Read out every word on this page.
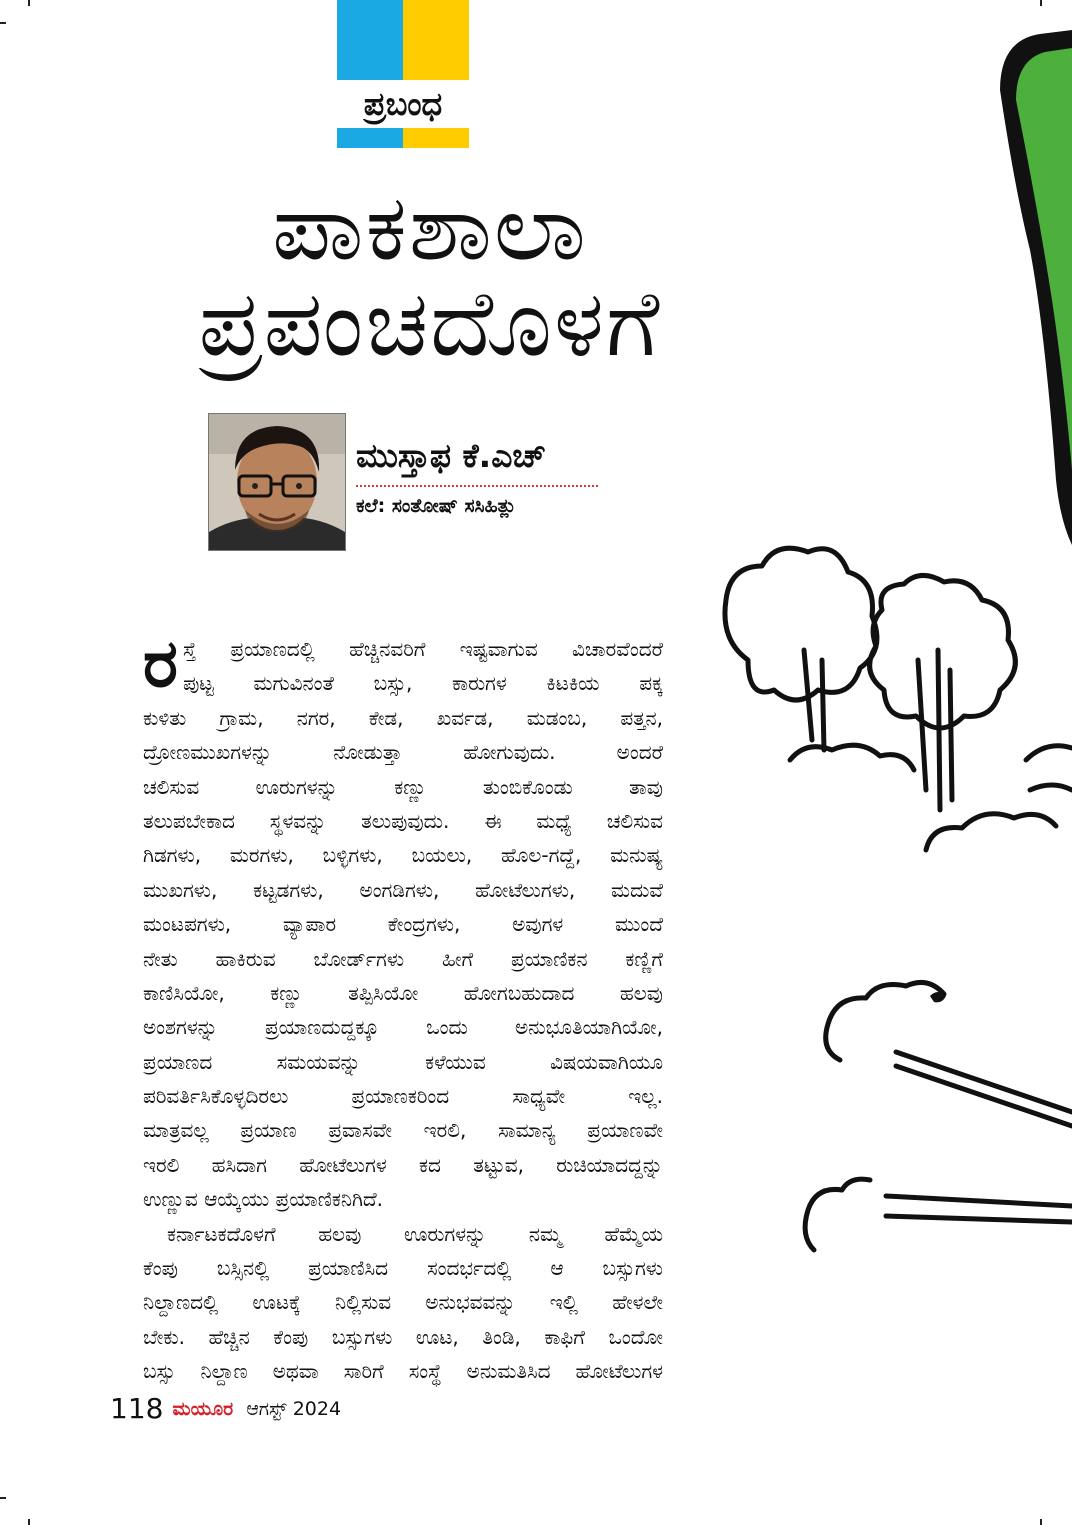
ಪ್ರಬಂಧ
ಪಾಕಶಾಲಾ
ಪ್ರಪಂಚದೊಳಗೆ
ಮುಸ್ತಾಫ ಕೆ.ಎಚ್
ಕಲೆ: ಸಂತೋಷ್ ಸಸಿಹಿತ್ಲು
ರ ಸ್ತೆ ಪ್ರಯಾಣದಲ್ಲಿ ಹೆಚ್ಚಿನವರಿಗೆ ಇಷ್ಟವಾಗುವ ವಿಚಾರವೆಂದರೆ
ಪುಟ್ಟ ಮಗುವಿನಂತೆ ಬಸ್ಸು, ಕಾರುಗಳ ಕಿಟಕಿಯ ಪಕ್ಕ
ಕುಳಿತು ಗ್ರಾಮ, ನಗರ, ಕೇಡ, ಖರ್ವಡ, ಮಡಂಬ, ಪತ್ತನ,
ದ್ರೋಣಮುಖಗಳನ್ನು ನೋಡುತ್ತಾ ಹೋಗುವುದು. ಅಂದರೆ
ಚಲಿಸುವ ಊರುಗಳನ್ನು ಕಣ್ಣು ತುಂಬಿಕೊಂಡು ತಾವು
ತಲುಪಬೇಕಾದ ಸ್ಥಳವನ್ನು ತಲುಪುವುದು. ಈ ಮಧ್ಯೆ ಚಲಿಸುವ
ಗಿಡಗಳು, ಮರಗಳು, ಬಳ್ಳಿಗಳು, ಬಯಲು, ಹೊಲ-ಗದ್ದೆ, ಮನುಷ್ಯ
ಮುಖಗಳು, ಕಟ್ಟಡಗಳು, ಅಂಗಡಿಗಳು, ಹೋಟೆಲುಗಳು, ಮದುವೆ
ಮಂಟಪಗಳು, ವ್ಯಾಪಾರ ಕೇಂದ್ರಗಳು, ಅವುಗಳ ಮುಂದೆ
ನೇತು ಹಾಕಿರುವ ಬೋರ್ಡ್‌ಗಳು ಹೀಗೆ ಪ್ರಯಾಣಿಕನ ಕಣ್ಣಿಗೆ
ಕಾಣಿಸಿಯೋ, ಕಣ್ಣು ತಪ್ಪಿಸಿಯೋ ಹೋಗಬಹುದಾದ ಹಲವು
ಅಂಶಗಳನ್ನು ಪ್ರಯಾಣದುದ್ದಕ್ಕೂ ಒಂದು ಅನುಭೂತಿಯಾಗಿಯೋ,
ಪ್ರಯಾಣದ ಸಮಯವನ್ನು ಕಳೆಯುವ ವಿಷಯವಾಗಿಯೂ
ಪರಿವರ್ತಿಸಿಕೊಳ್ಳದಿರಲು ಪ್ರಯಾಣಕರಿಂದ ಸಾಧ್ಯವೇ ಇಲ್ಲ.
ಮಾತ್ರವಲ್ಲ ಪ್ರಯಾಣ ಪ್ರವಾಸವೇ ಇರಲಿ, ಸಾಮಾನ್ಯ ಪ್ರಯಾಣವೇ
ಇರಲಿ ಹಸಿದಾಗ ಹೋಟೆಲುಗಳ ಕದ ತಟ್ಟುವ, ರುಚಿಯಾದದ್ದನ್ನು
ಉಣ್ಣುವ ಆಯ್ಕೆಯು ಪ್ರಯಾಣಿಕನಿಗಿದೆ.
ಕರ್ನಾಟಕದೊಳಗೆ ಹಲವು ಊರುಗಳನ್ನು ನಮ್ಮ ಹೆಮ್ಮೆಯ
ಕೆಂಪು ಬಸ್ಸಿನಲ್ಲಿ ಪ್ರಯಾಣಿಸಿದ ಸಂದರ್ಭದಲ್ಲಿ ಆ ಬಸ್ಸುಗಳು
ನಿಲ್ದಾಣದಲ್ಲಿ ಊಟಕ್ಕೆ ನಿಲ್ಲಿಸುವ ಅನುಭವವನ್ನು ಇಲ್ಲಿ ಹೇಳಲೇ
ಬೇಕು. ಹೆಚ್ಚಿನ ಕೆಂಪು ಬಸ್ಸುಗಳು ಊಟ, ತಿಂಡಿ, ಕಾಫಿಗೆ ಒಂದೋ
ಬಸ್ಸು ನಿಲ್ದಾಣ ಅಥವಾ ಸಾರಿಗೆ ಸಂಸ್ಥೆ ಅನುಮತಿಸಿದ ಹೋಟೆಲುಗಳ
118 ಮಯೂರ ಆಗಸ್ಟ್ 2024
